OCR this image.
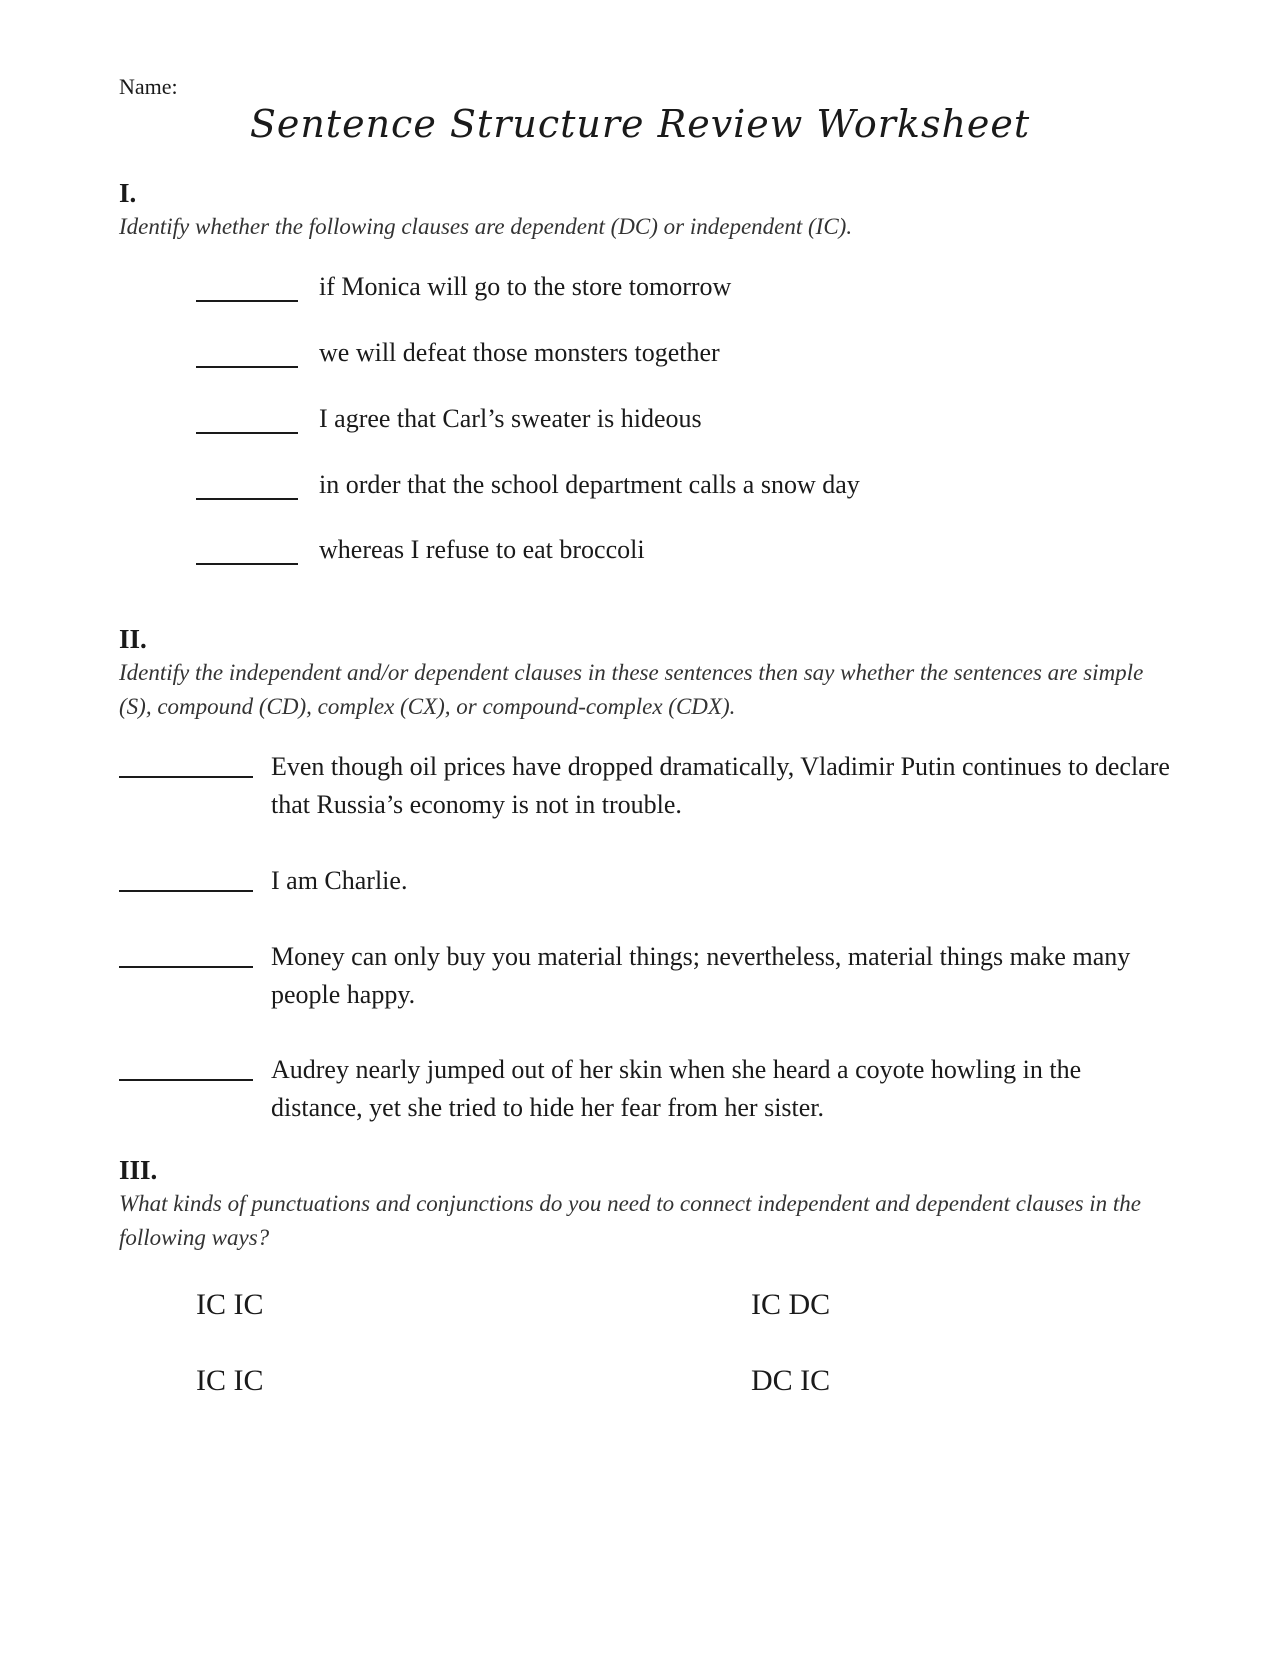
Name:
Sentence Structure Review Worksheet
I.
Identify whether the following clauses are dependent (DC) or independent (IC).
if Monica will go to the store tomorrow
we will defeat those monsters together
I agree that Carl’s sweater is hideous
in order that the school department calls a snow day
whereas I refuse to eat broccoli
II.
Identify the independent and/or dependent clauses in these sentences then say whether the sentences are simple (S), compound (CD), complex (CX), or compound-complex (CDX).
Even though oil prices have dropped dramatically, Vladimir Putin continues to declare that Russia’s economy is not in trouble.
I am Charlie.
Money can only buy you material things; nevertheless, material things make many people happy.
Audrey nearly jumped out of her skin when she heard a coyote howling in the distance, yet she tried to hide her fear from her sister.
III.
What kinds of punctuations and conjunctions do you need to connect independent and dependent clauses in the following ways?
IC IC	IC DC
IC IC	DC IC
